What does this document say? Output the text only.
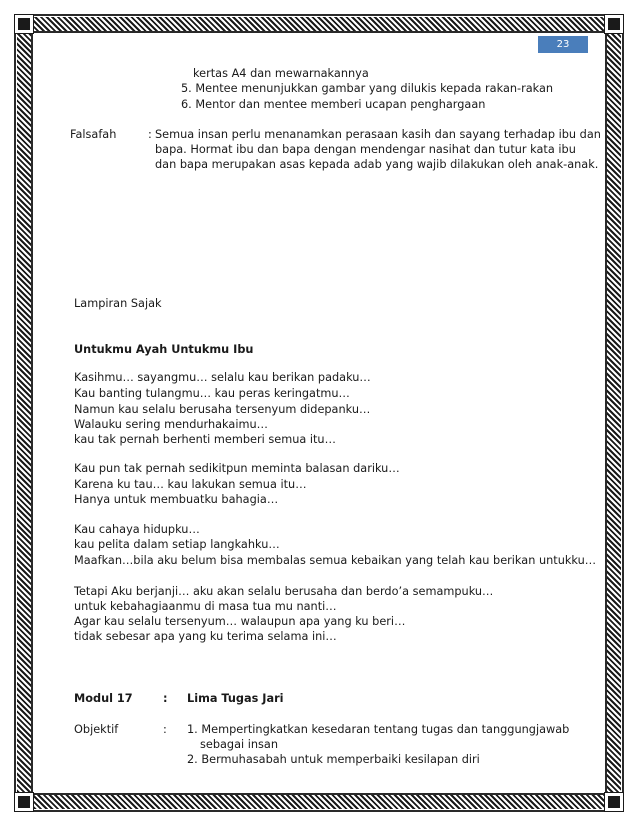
23
kertas A4 dan mewarnakannya
5. Mentee menunjukkan gambar yang dilukis kepada rakan-rakan
6. Mentor dan mentee memberi ucapan penghargaan
Falsafah	: Semua insan perlu menanamkan perasaan kasih dan sayang terhadap ibu dan
bapa. Hormat ibu dan bapa dengan mendengar nasihat dan tutur kata ibu
dan bapa merupakan asas kepada adab yang wajib dilakukan oleh anak-anak.
Lampiran Sajak
Untukmu Ayah Untukmu Ibu
Kasihmu… sayangmu… selalu kau berikan padaku…
Kau banting tulangmu… kau peras keringatmu…
Namun kau selalu berusaha tersenyum didepanku…
Walauku sering mendurhakaimu…
kau tak pernah berhenti memberi semua itu…
Kau pun tak pernah sedikitpun meminta balasan dariku…
Karena ku tau… kau lakukan semua itu…
Hanya untuk membuatku bahagia…
Kau cahaya hidupku…
kau pelita dalam setiap langkahku…
Maafkan…bila aku belum bisa membalas semua kebaikan yang telah kau berikan untukku…
Tetapi Aku berjanji… aku akan selalu berusaha dan berdo’a semampuku…
untuk kebahagiaanmu di masa tua mu nanti…
Agar kau selalu tersenyum… walaupun apa yang ku beri…
tidak sebesar apa yang ku terima selama ini…
Modul 17	: Lima Tugas Jari
Objektif	: 1. Mempertingkatkan kesedaran tentang tugas dan tanggungjawab
sebagai insan
2. Bermuhasabah untuk memperbaiki kesilapan diri
